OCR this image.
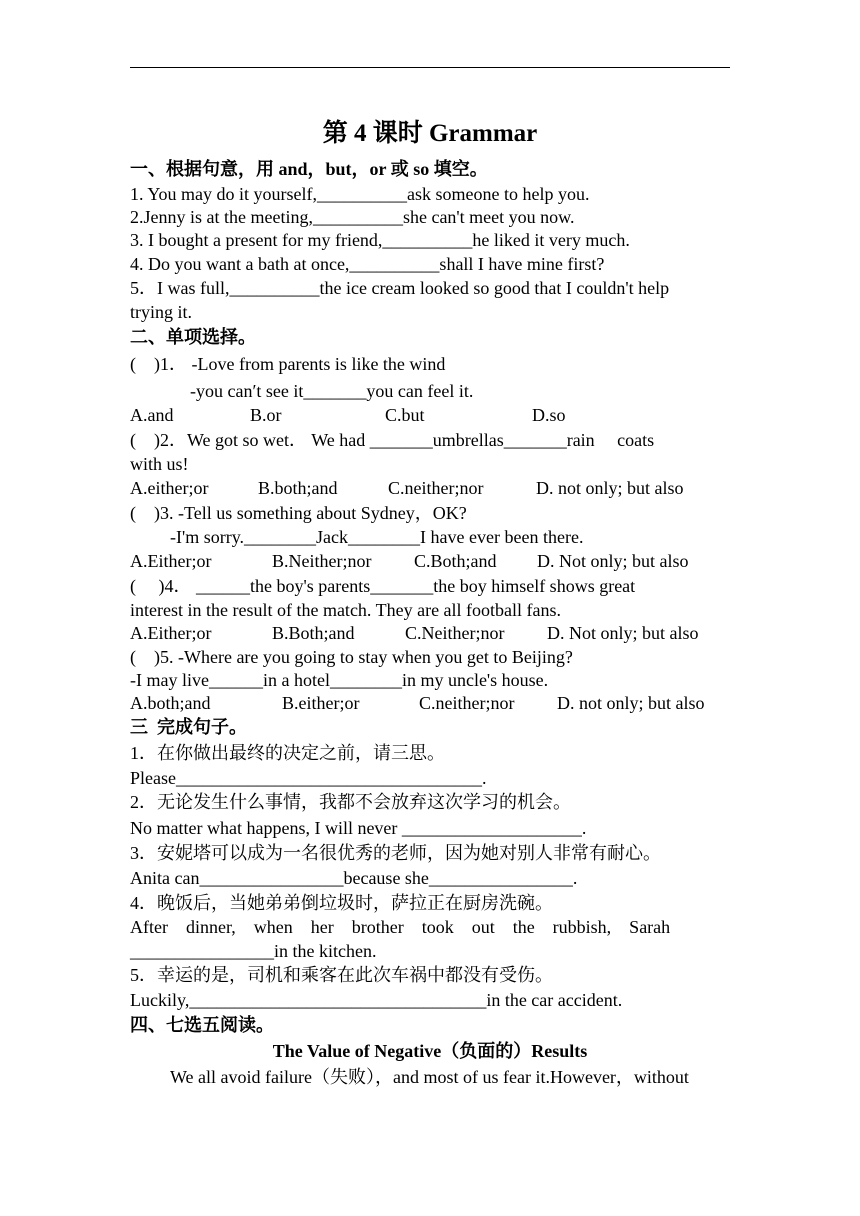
第 4 课时 Grammar
一、根据句意，用 and，but，or 或 so 填空。
1. You may do it yourself,__________ask someone to help you.
2.Jenny is at the meeting,__________she can't meet you now.
3. I bought a present for my friend,__________he liked it very much.
4. Do you want a bath at once,__________shall I have mine first?
5．I was full,__________the ice cream looked so good that I couldn't help
trying it.
二、单项选择。
(    )1． -Love from parents is like the wind
-you can′t see it_______you can feel it.
A.and	B.or	C.but	D.so
(    )2．We got so wet． We had _______umbrellas_______rain     coats
with us!
A.either;or	B.both;and	C.neither;nor	D. not only; but also
(    )3. -Tell us something about Sydney，OK?
-I'm sorry.________Jack________I have ever been there.
A.Either;or	B.Neither;nor	C.Both;and	D. Not only; but also
(     )4． ______the boy's parents_______the boy himself shows great
interest in the result of the match. They are all football fans.
A.Either;or	B.Both;and	C.Neither;nor	D. Not only; but also
(    )5. -Where are you going to stay when you get to Beijing?
-I may live______in a hotel________in my uncle's house.
A.both;and	B.either;or	C.neither;nor	D. not only; but also
三  完成句子。
1．在你做出最终的决定之前，请三思。
Please__________________________________.
2．无论发生什么事情，我都不会放弃这次学习的机会。
No matter what happens, I will never ____________________.
3．安妮塔可以成为一名很优秀的老师，因为她对别人非常有耐心。
Anita can________________because she________________.
4．晚饭后，当她弟弟倒垃圾时，萨拉正在厨房洗碗。
After    dinner,    when    her    brother    took    out    the    rubbish,    Sarah
________________in the kitchen.
5．幸运的是，司机和乘客在此次车祸中都没有受伤。
Luckily,_________________________________in the car accident.
四、七选五阅读。
The Value of Negative（负面的）Results
We all avoid failure（失败），and most of us fear it.However，without
